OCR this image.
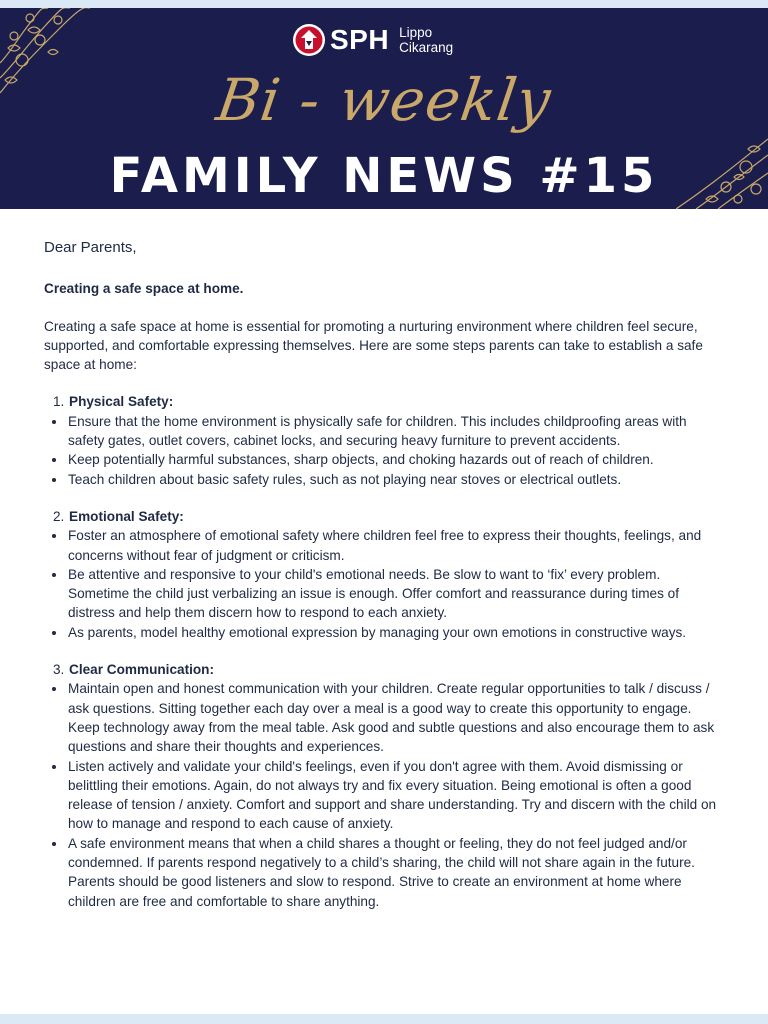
SPH Lippo
Cikarang
Bi - weekly
FAMILY NEWS #15
Dear Parents,
Creating a safe space at home.
Creating a safe space at home is essential for promoting a nurturing environment where children feel secure, supported, and comfortable expressing themselves. Here are some steps parents can take to establish a safe space at home:
1. Physical Safety:
Ensure that the home environment is physically safe for children. This includes childproofing areas with safety gates, outlet covers, cabinet locks, and securing heavy furniture to prevent accidents.
Keep potentially harmful substances, sharp objects, and choking hazards out of reach of children.
Teach children about basic safety rules, such as not playing near stoves or electrical outlets.
2. Emotional Safety:
Foster an atmosphere of emotional safety where children feel free to express their thoughts, feelings, and concerns without fear of judgment or criticism.
Be attentive and responsive to your child's emotional needs. Be slow to want to ‘fix’ every problem. Sometime the child just verbalizing an issue is enough. Offer comfort and reassurance during times of distress and help them discern how to respond to each anxiety.
As parents, model healthy emotional expression by managing your own emotions in constructive ways.
3. Clear Communication:
Maintain open and honest communication with your children. Create regular opportunities to talk / discuss / ask questions. Sitting together each day over a meal is a good way to create this opportunity to engage. Keep technology away from the meal table. Ask good and subtle questions and also encourage them to ask questions and share their thoughts and experiences.
Listen actively and validate your child's feelings, even if you don't agree with them. Avoid dismissing or belittling their emotions. Again, do not always try and fix every situation. Being emotional is often a good release of tension / anxiety. Comfort and support and share understanding. Try and discern with the child on how to manage and respond to each cause of anxiety.
A safe environment means that when a child shares a thought or feeling, they do not feel judged and/or condemned. If parents respond negatively to a child’s sharing, the child will not share again in the future. Parents should be good listeners and slow to respond. Strive to create an environment at home where children are free and comfortable to share anything.
